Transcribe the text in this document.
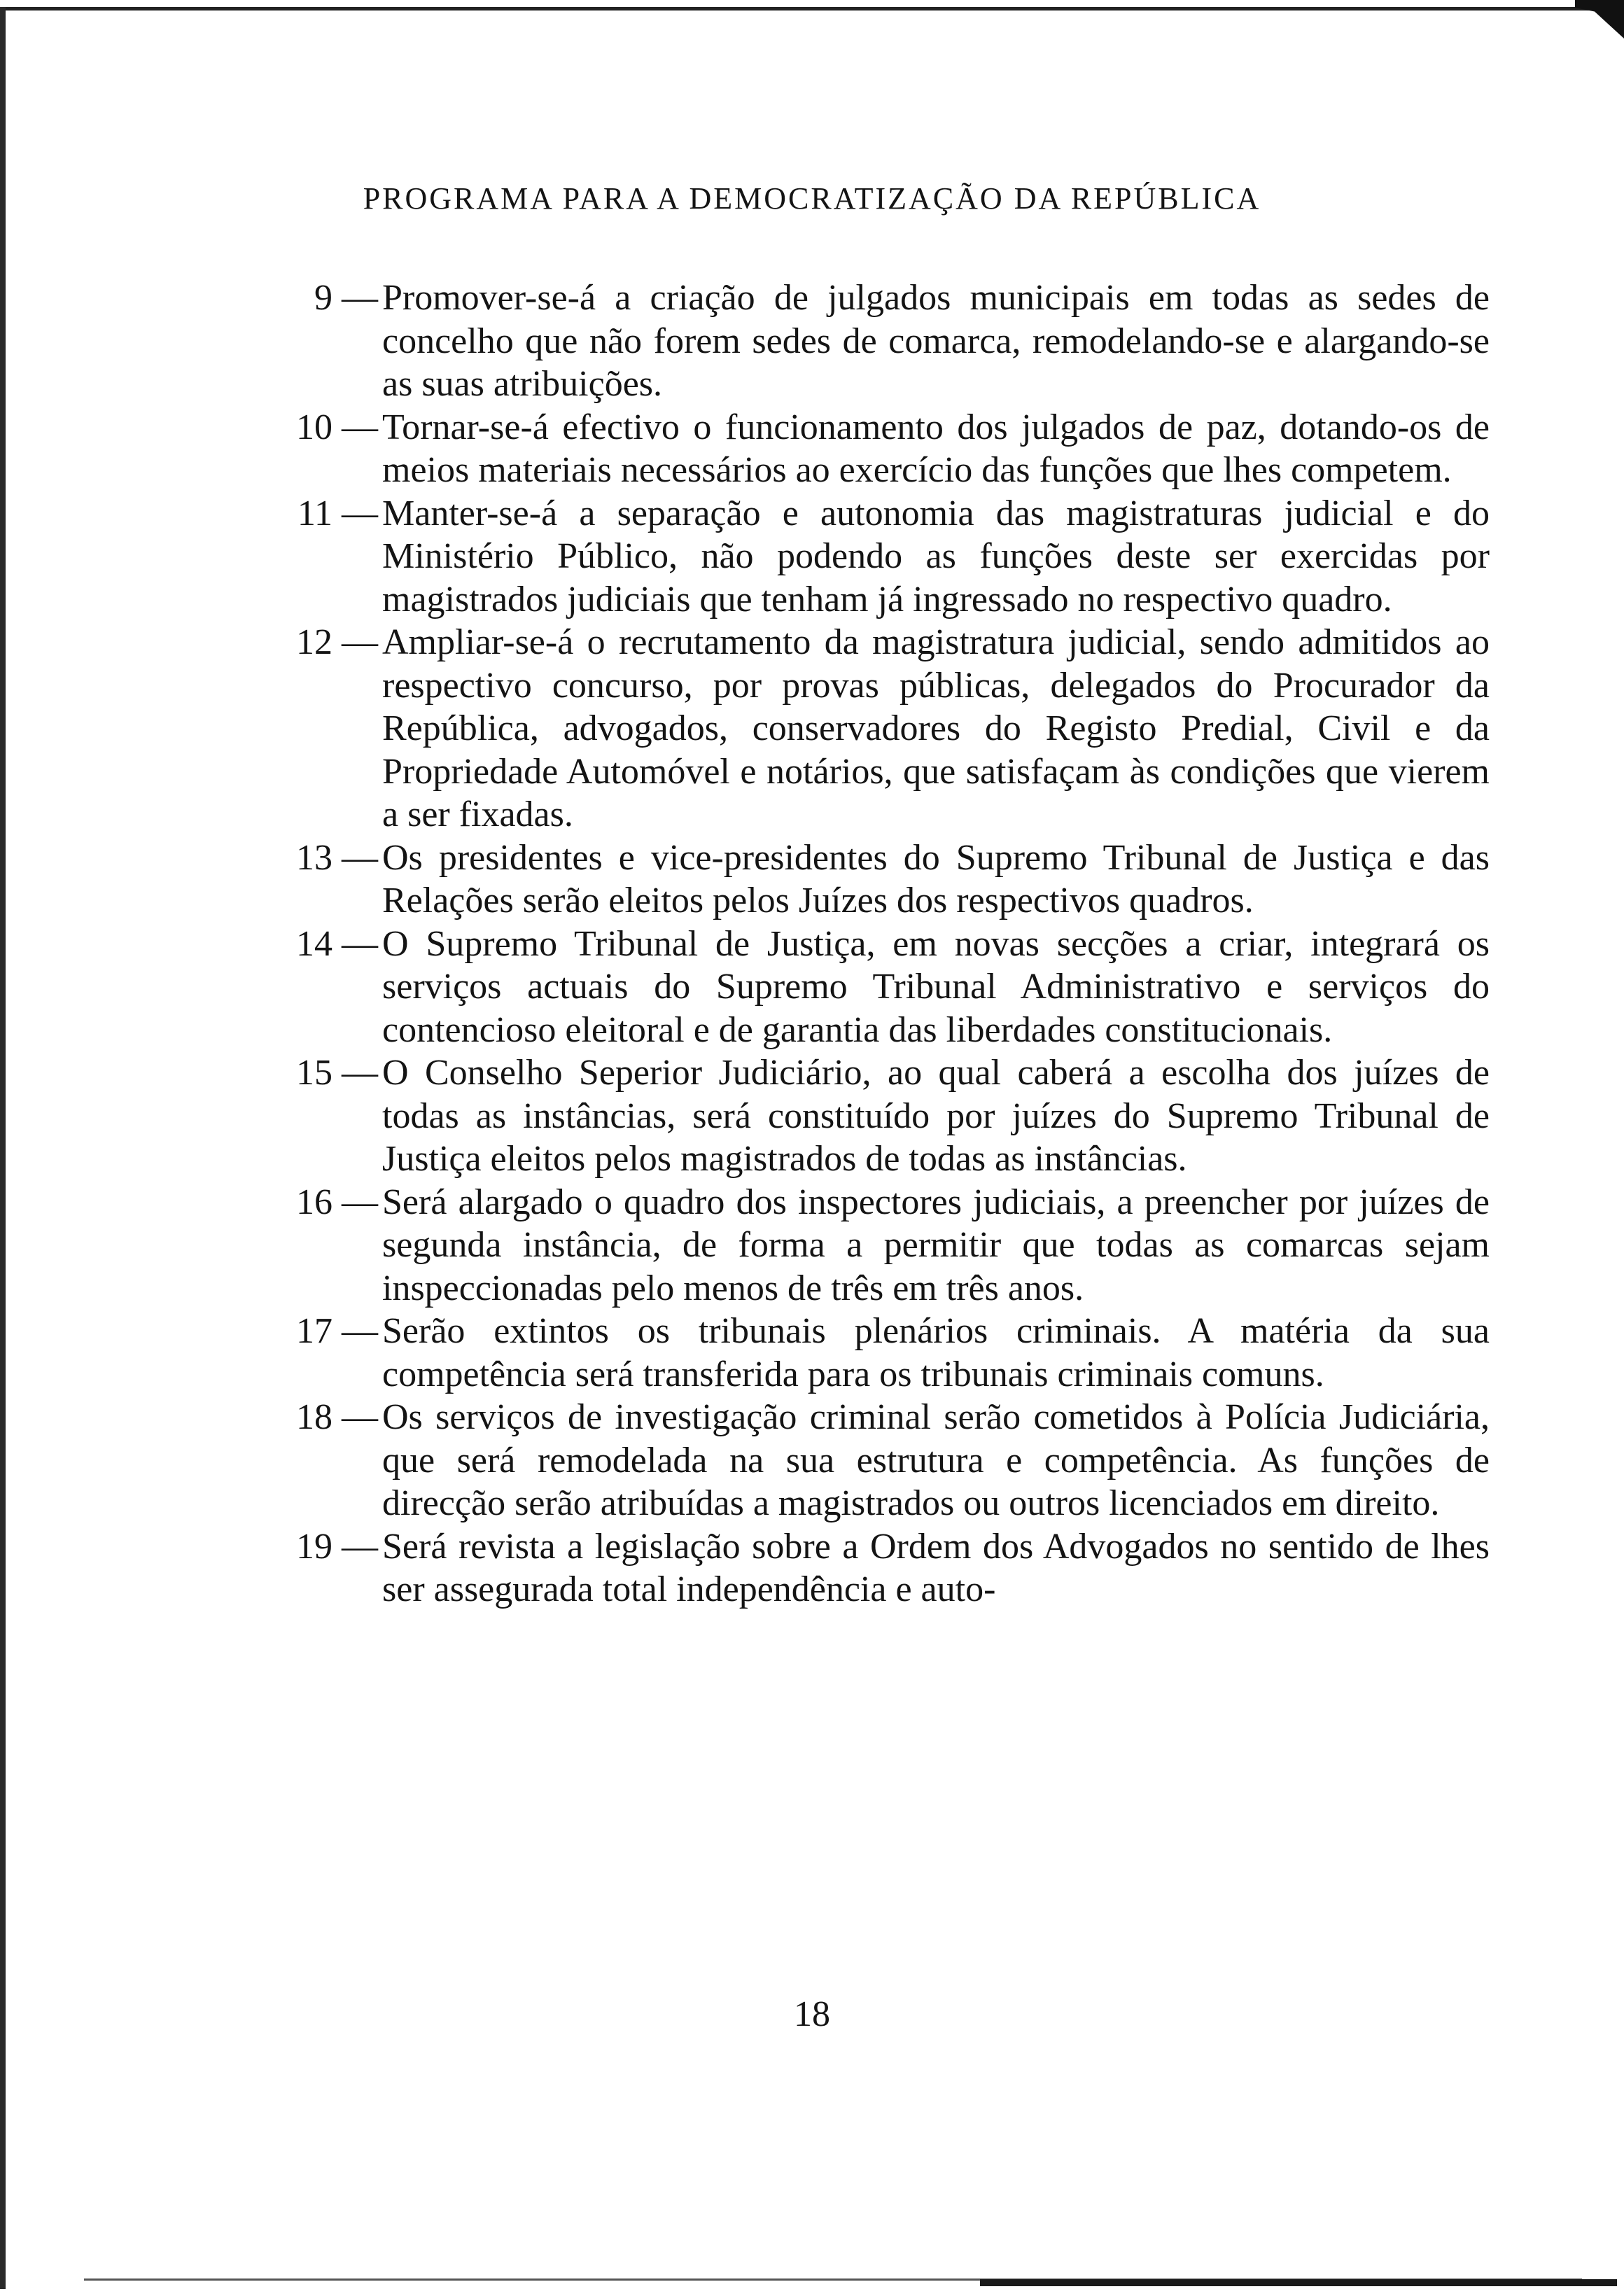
PROGRAMA PARA A DEMOCRATIZAÇÃO DA REPÚBLICA
9 — Promover-se-á a criação de julgados municipais em todas as sedes de concelho que não forem sedes de comarca, remodelando-se e alargando-se as suas atribuições.
10 — Tornar-se-á efectivo o funcionamento dos julgados de paz, dotando-os de meios materiais necessários ao exercício das funções que lhes competem.
11 — Manter-se-á a separação e autonomia das magistraturas judicial e do Ministério Público, não podendo as funções deste ser exercidas por magistrados judiciais que tenham já ingressado no respectivo quadro.
12 — Ampliar-se-á o recrutamento da magistratura judicial, sendo admitidos ao respectivo concurso, por provas públicas, delegados do Procurador da República, advogados, conservadores do Registo Predial, Civil e da Propriedade Automóvel e notários, que satisfaçam às condições que vierem a ser fixadas.
13 — Os presidentes e vice-presidentes do Supremo Tribunal de Justiça e das Relações serão eleitos pelos Juízes dos respectivos quadros.
14 — O Supremo Tribunal de Justiça, em novas secções a criar, integrará os serviços actuais do Supremo Tribunal Administrativo e serviços do contencioso eleitoral e de garantia das liberdades constitucionais.
15 — O Conselho Seperior Judiciário, ao qual caberá a escolha dos juízes de todas as instâncias, será constituído por juízes do Supremo Tribunal de Justiça eleitos pelos magistrados de todas as instâncias.
16 — Será alargado o quadro dos inspectores judiciais, a preencher por juízes de segunda instância, de forma a permitir que todas as comarcas sejam inspeccionadas pelo menos de três em três anos.
17 — Serão extintos os tribunais plenários criminais. A matéria da sua competência será transferida para os tribunais criminais comuns.
18 — Os serviços de investigação criminal serão cometidos à Polícia Judiciária, que será remodelada na sua estrutura e competência. As funções de direcção serão atribuídas a magistrados ou outros licenciados em direito.
19 — Será revista a legislação sobre a Ordem dos Advogados no sentido de lhes ser assegurada total independência e auto-
18
